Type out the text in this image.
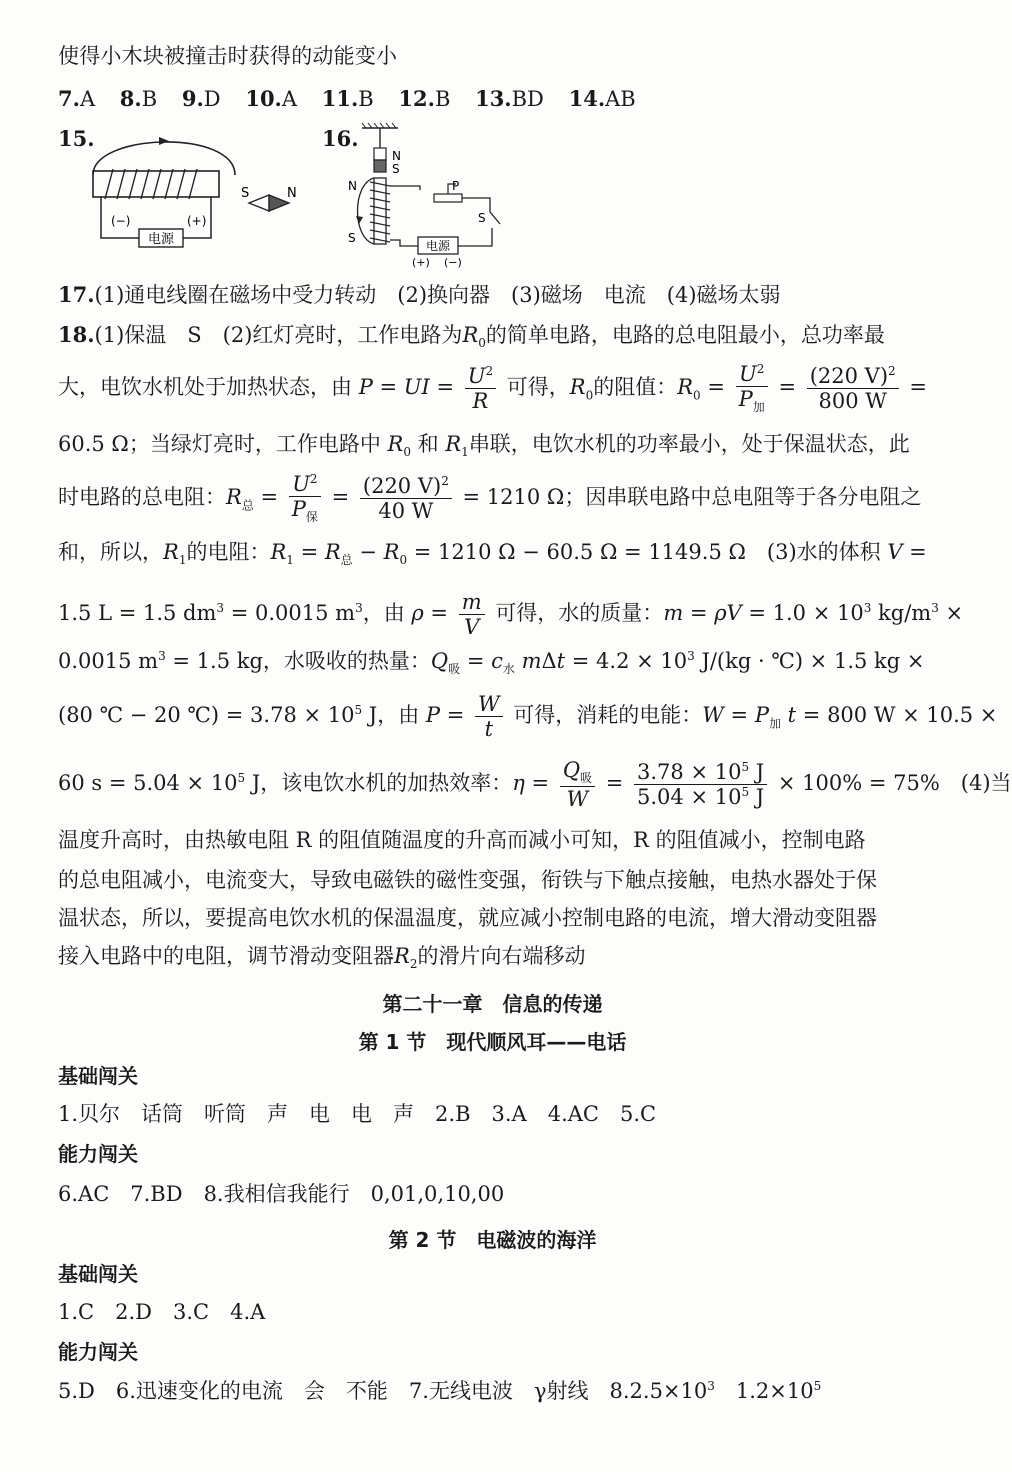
使得小木块被撞击时获得的动能变小
7.A 8.B 9.D 10.A 11.B 12.B 13.BD 14.AB
15.
电源
(−)	(+)
S	N
16.
N
S
N
S
P
S
电源
(+) (−)
17.(1)通电线圈在磁场中受力转动　(2)换向器　(3)磁场　电流　(4)磁场太弱
18.(1)保温　S　(2)红灯亮时，工作电路为$R_0$的简单电路，电路的总电阻最小，总功率最
大，电饮水机处于加热状态，由 P = UI = $\frac{U^2}{R}$ 可得，$R_0$的阻值：$R_0 = \frac{U^2}{P_加} = \frac{(220 V)^2}{800 W}$ =
60.5 Ω；当绿灯亮时，工作电路中 $R_0$ 和 $R_1$串联，电饮水机的功率最小，处于保温状态，此
时电路的总电阻：$R_总 = \frac{U^2}{P_保} = \frac{(220 V)^2}{40 W} = 1210$ Ω；因串联电路中总电阻等于各分电阻之
和，所以，$R_1$的电阻：$R_1 = R_总 - R_0 = 1210$ Ω − 60.5 Ω = 1149.5 Ω　(3)水的体积 V =
1.5 L = 1.5 $dm^3 = 0.0015$ $m^3$，由 $\rho = \frac{m}{V}$ 可得，水的质量：$m = \rho V = 1.0 \times 10^3$ $kg/m^3$ ×
0.0015 $m^3 = 1.5$ kg，水吸收的热量：$Q_吸 = c_水$ $m\Delta t = 4.2 \times 10^3$ J/(kg · ℃) × 1.5 kg ×
(80 ℃ − 20 ℃) = $3.78 \times 10^5$ J，由 $P = \frac{W}{t}$ 可得，消耗的电能：$W = P_加$ t = 800 W × 10.5 ×
60 $s = 5.04 \times 10^5$ J，该电饮水机的加热效率：$\eta = \frac{Q_吸}{W} = \frac{3.78 \times 10^5 J}{5.04 \times 10^5 J} \times 100\% = 75\%$　(4)当
温度升高时，由热敏电阻 R 的阻值随温度的升高而减小可知，R 的阻值减小，控制电路
的总电阻减小，电流变大，导致电磁铁的磁性变强，衔铁与下触点接触，电热水器处于保
温状态，所以，要提高电饮水机的保温温度，就应减小控制电路的电流，增大滑动变阻器
接入电路中的电阻，调节滑动变阻器$R_2$的滑片向右端移动
第二十一章　信息的传递
第 1 节　现代顺风耳——电话
基础闯关
1.贝尔　话筒　听筒　声　电　电　声　2.B　3.A　4.AC　5.C
能力闯关
6.AC　7.BD　8.我相信我能行　0,01,0,10,00
第 2 节　电磁波的海洋
基础闯关
1.C　2.D　3.C　4.A
能力闯关
5.D　6.迅速变化的电流　会　不能　7.无线电波　γ射线　$8.2.5\times 10^3$　$1.2\times 10^5$
